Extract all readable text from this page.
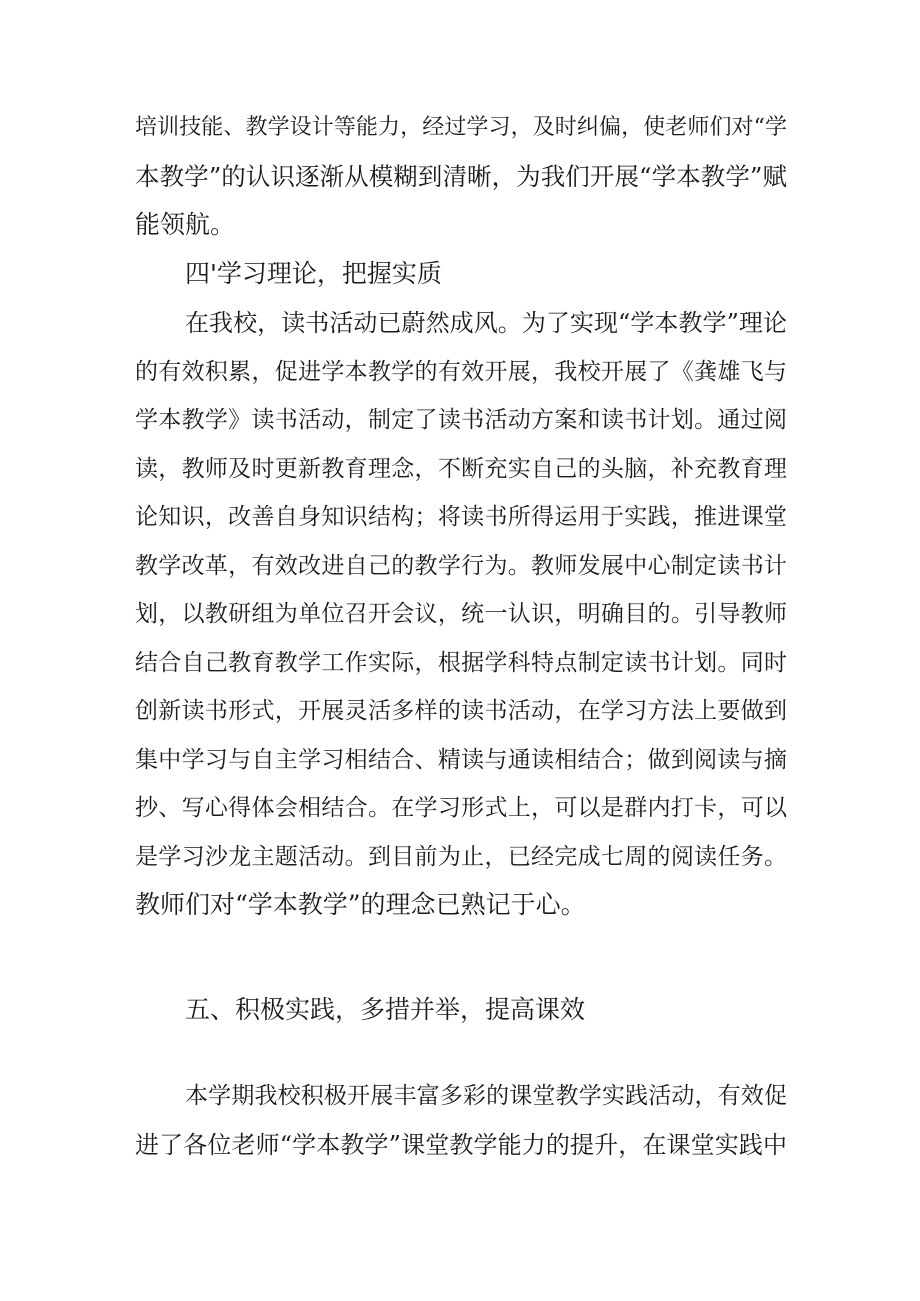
培训技能、教学设计等能力，经过学习，及时纠偏，使老师们对“学
本教学”的认识逐渐从模糊到清晰，为我们开展“学本教学”赋
能领航。
四'学习理论，把握实质
在我校，读书活动已蔚然成风。为了实现“学本教学”理论
的有效积累，促进学本教学的有效开展，我校开展了《龚雄飞与
学本教学》读书活动，制定了读书活动方案和读书计划。通过阅
读，教师及时更新教育理念，不断充实自己的头脑，补充教育理
论知识，改善自身知识结构；将读书所得运用于实践，推进课堂
教学改革，有效改进自己的教学行为。教师发展中心制定读书计
划，以教研组为单位召开会议，统一认识，明确目的。引导教师
结合自己教育教学工作实际，根据学科特点制定读书计划。同时
创新读书形式，开展灵活多样的读书活动，在学习方法上要做到
集中学习与自主学习相结合、精读与通读相结合；做到阅读与摘
抄、写心得体会相结合。在学习形式上，可以是群内打卡，可以
是学习沙龙主题活动。到目前为止，已经完成七周的阅读任务。
教师们对“学本教学”的理念已熟记于心。
五、积极实践，多措并举，提高课效
本学期我校积极开展丰富多彩的课堂教学实践活动，有效促
进了各位老师“学本教学”课堂教学能力的提升，在课堂实践中
